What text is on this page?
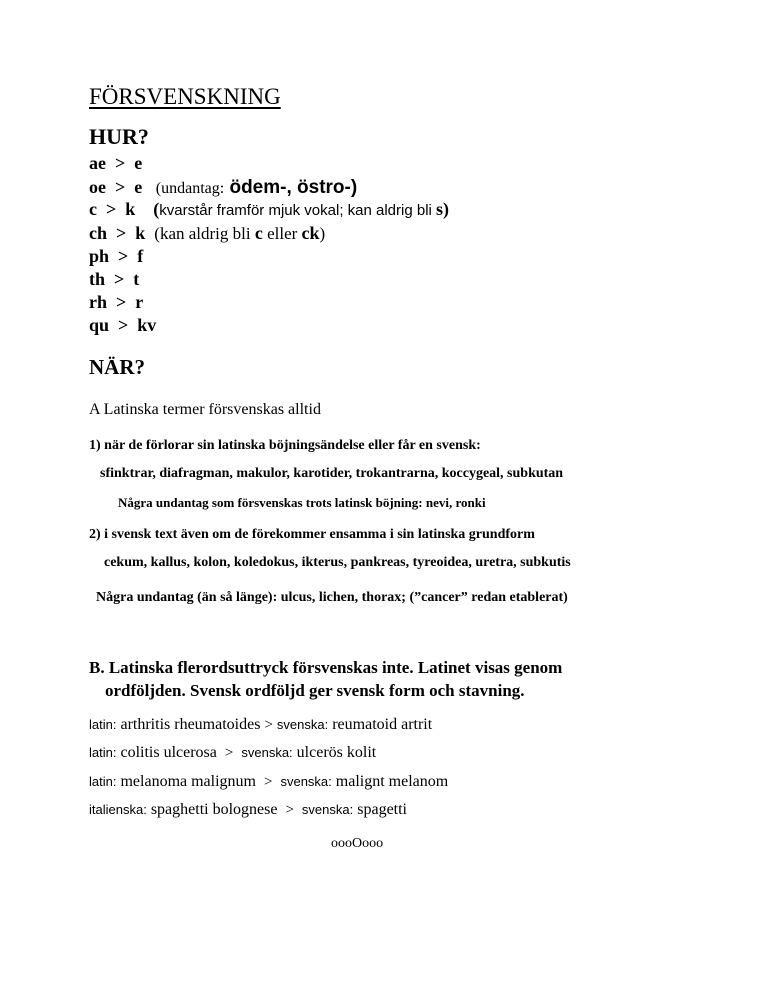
FÖRSVENSKNING
HUR?
ae  >  e
oe  >  e (undantag: ödem-, östro-)
c  >  k (kvarstår framför mjuk vokal; kan aldrig bli s)
ch  >  k (kan aldrig bli c eller ck)
ph  >  f
th  >  t
rh  >  r
qu  >  kv
NÄR?
A Latinska termer försvenskas alltid
1) när de förlorar sin latinska böjningsändelse eller får en svensk:
sfinktrar, diafragman, makulor, karotider, trokantrarna, koccygeal, subkutan
Några undantag som försvenskas trots latinsk böjning: nevi, ronki
2) i svensk text även om de förekommer ensamma i sin latinska grundform
cekum, kallus, kolon, koledokus, ikterus, pankreas, tyreoidea, uretra, subkutis
Några undantag (än så länge): ulcus, lichen, thorax; (”cancer” redan etablerat)
B. Latinska flerordsuttryck försvenskas inte. Latinet visas genom
ordföljden. Svensk ordföljd ger svensk form och stavning.
latin: arthritis rheumatoides > svenska: reumatoid artrit
latin: colitis ulcerosa > svenska: ulcerös kolit
latin: melanoma malignum > svenska: malignt melanom
italienska: spaghetti bolognese > svenska: spagetti
oooOooo
